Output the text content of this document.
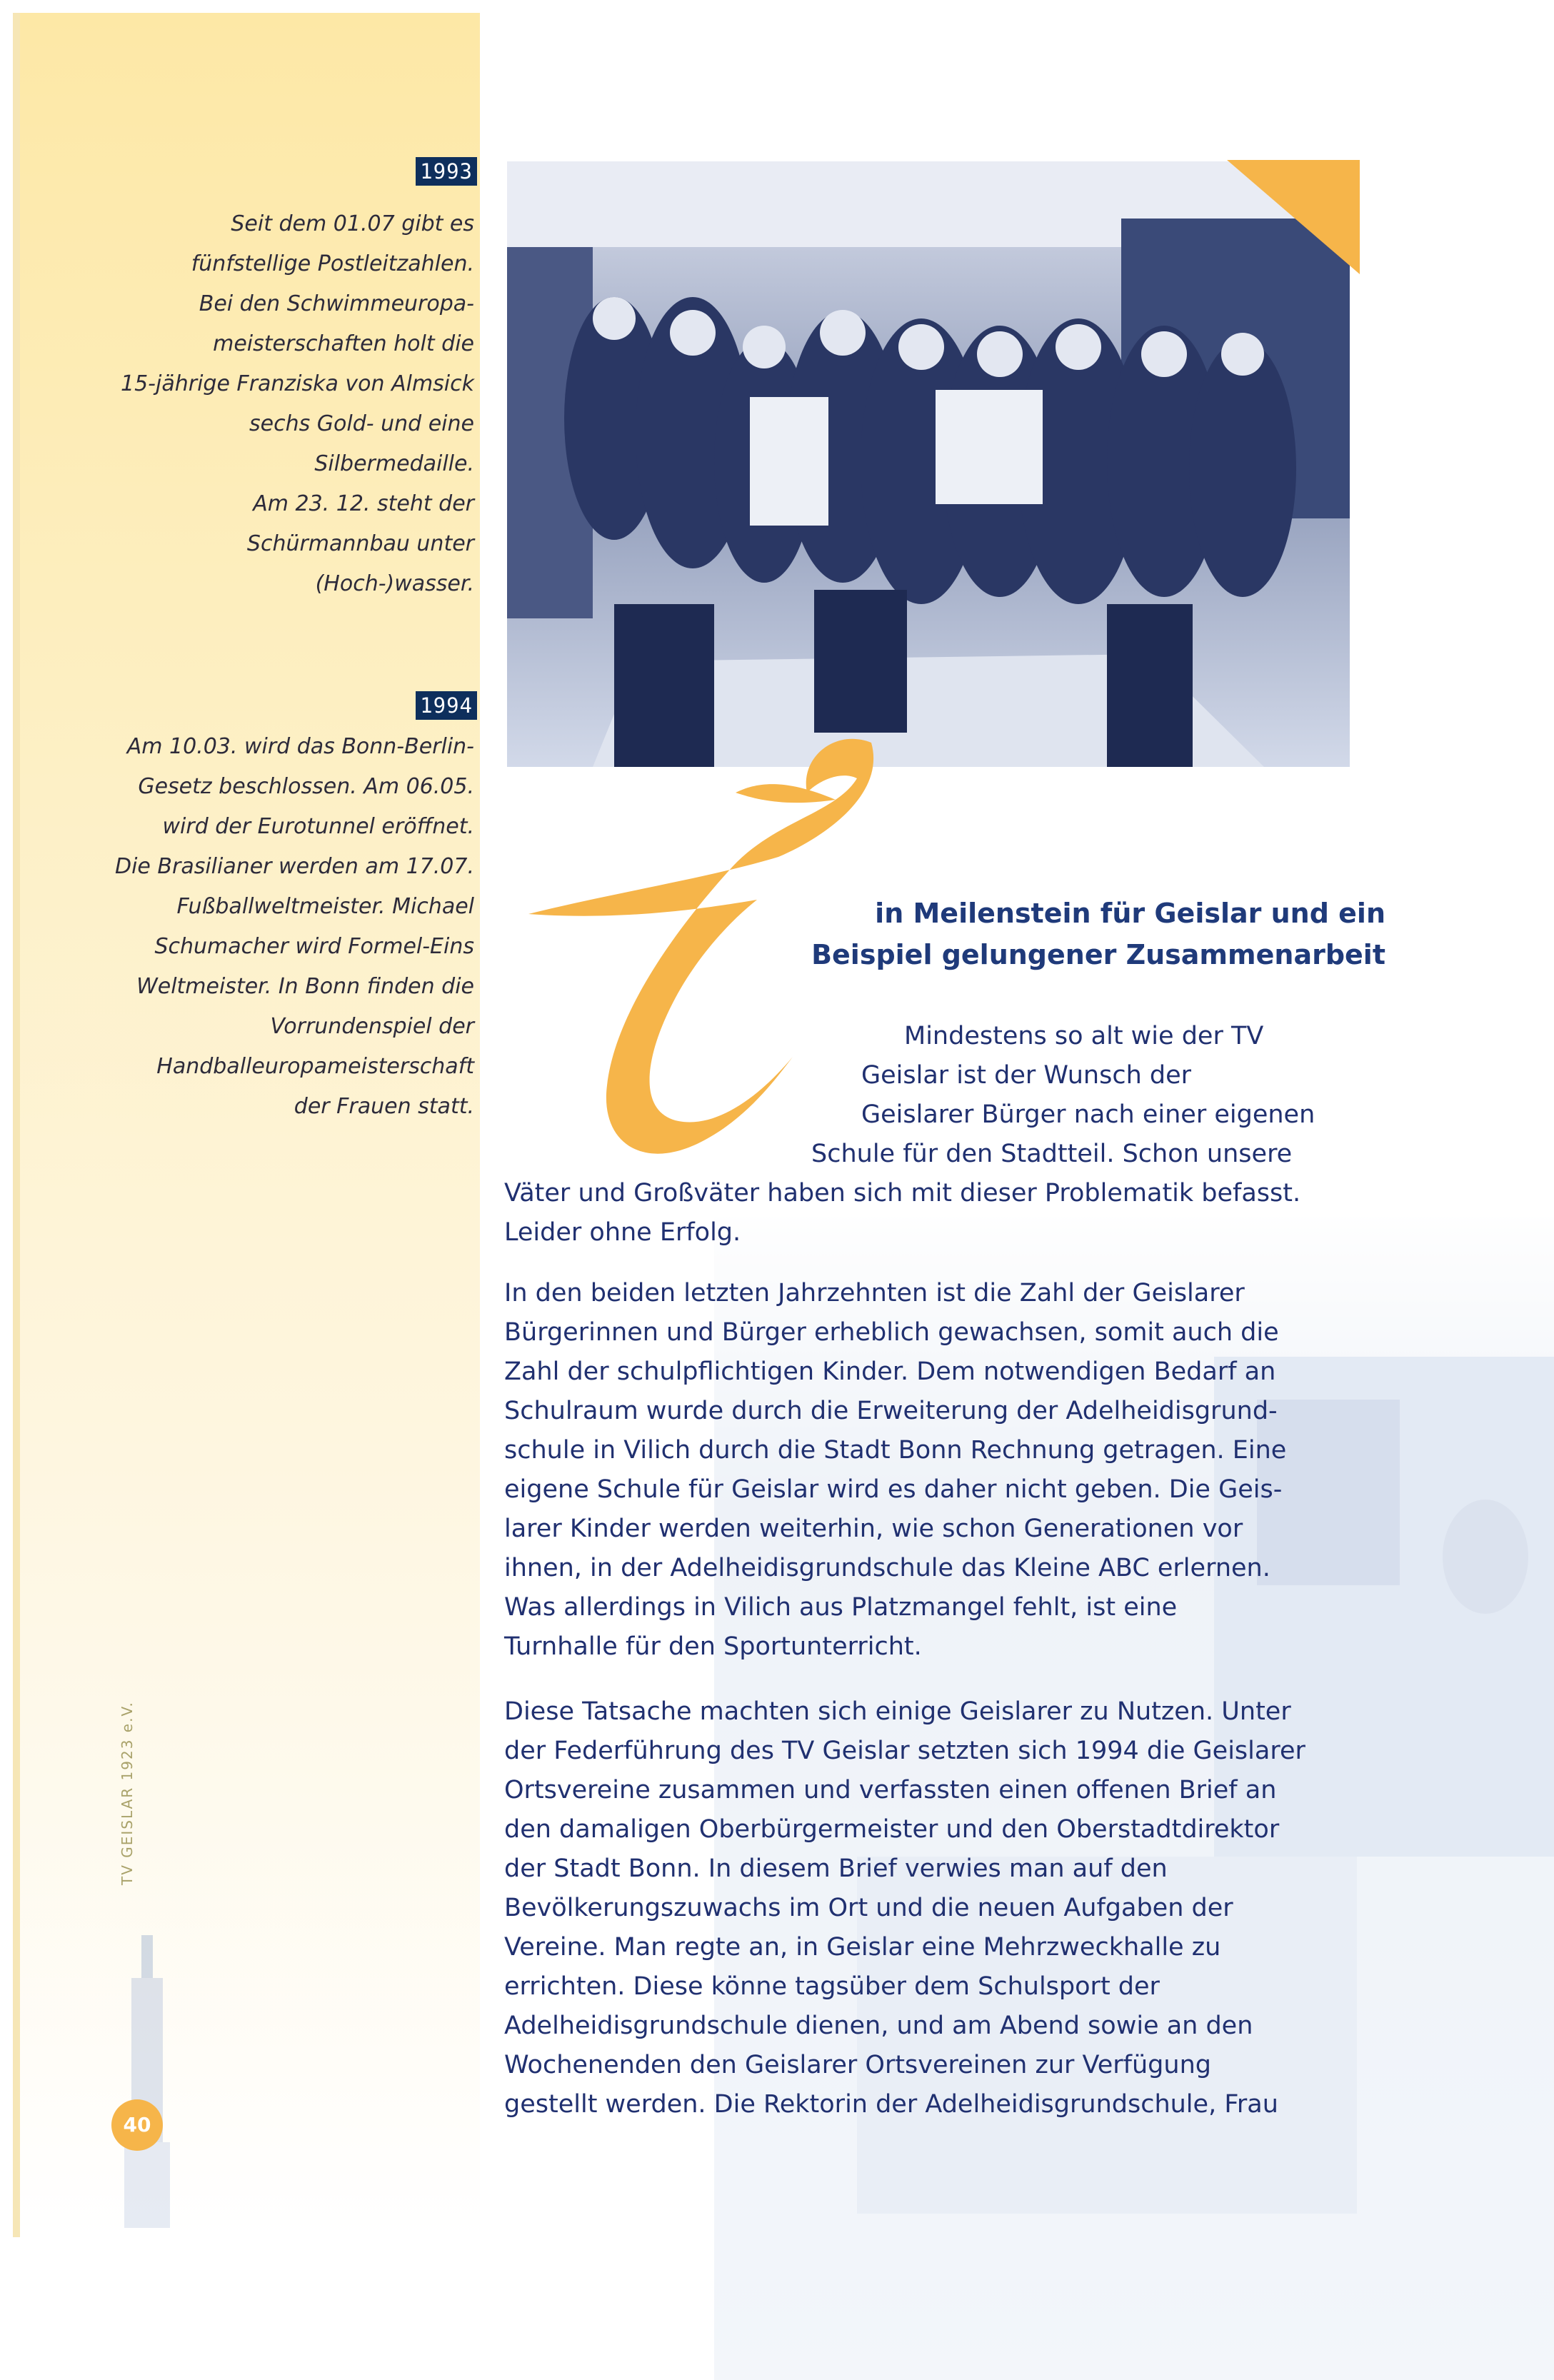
1993

Seit dem 01.07 gibt es
fünfstellige Postleitzahlen.
Bei den Schwimmeuropa-
meisterschaften holt die
15-jährige Franziska von Almsick
sechs Gold- und eine
Silbermedaille.
Am 23. 12. steht der
Schürmannbau unter
(Hoch-)wasser.

1994

Am 10.03. wird das Bonn-Berlin-
Gesetz beschlossen. Am 06.05.
wird der Eurotunnel eröffnet.
Die Brasilianer werden am 17.07.
Fußballweltmeister. Michael
Schumacher wird Formel-Eins
Weltmeister. In Bonn finden die
Vorrundenspiel der
Handballeuropameisterschaft
der Frauen statt.

TV GEISLAR 1923 e.V.
40
in Meilenstein für Geislar und ein
Beispiel gelungener Zusammenarbeit

Mindestens so alt wie der TV
Geislar ist der Wunsch der
Geislarer Bürger nach einer eigenen
Schule für den Stadtteil. Schon unsere
Väter und Großväter haben sich mit dieser Problematik befasst.
Leider ohne Erfolg.

In den beiden letzten Jahrzehnten ist die Zahl der Geislarer
Bürgerinnen und Bürger erheblich gewachsen, somit auch die
Zahl der schulpflichtigen Kinder. Dem notwendigen Bedarf an
Schulraum wurde durch die Erweiterung der Adelheidisgrund-
schule in Vilich durch die Stadt Bonn Rechnung getragen. Eine
eigene Schule für Geislar wird es daher nicht geben. Die Geis-
larer Kinder werden weiterhin, wie schon Generationen vor
ihnen, in der Adelheidisgrundschule das Kleine ABC erlernen.
Was allerdings in Vilich aus Platzmangel fehlt, ist eine
Turnhalle für den Sportunterricht.

Diese Tatsache machten sich einige Geislarer zu Nutzen. Unter
der Federführung des TV Geislar setzten sich 1994 die Geislarer
Ortsvereine zusammen und verfassten einen offenen Brief an
den damaligen Oberbürgermeister und den Oberstadtdirektor
der Stadt Bonn. In diesem Brief verwies man auf den
Bevölkerungszuwachs im Ort und die neuen Aufgaben der
Vereine. Man regte an, in Geislar eine Mehrzweckhalle zu
errichten. Diese könne tagsüber dem Schulsport der
Adelheidisgrundschule dienen, und am Abend sowie an den
Wochenenden den Geislarer Ortsvereinen zur Verfügung
gestellt werden. Die Rektorin der Adelheidisgrundschule, Frau
